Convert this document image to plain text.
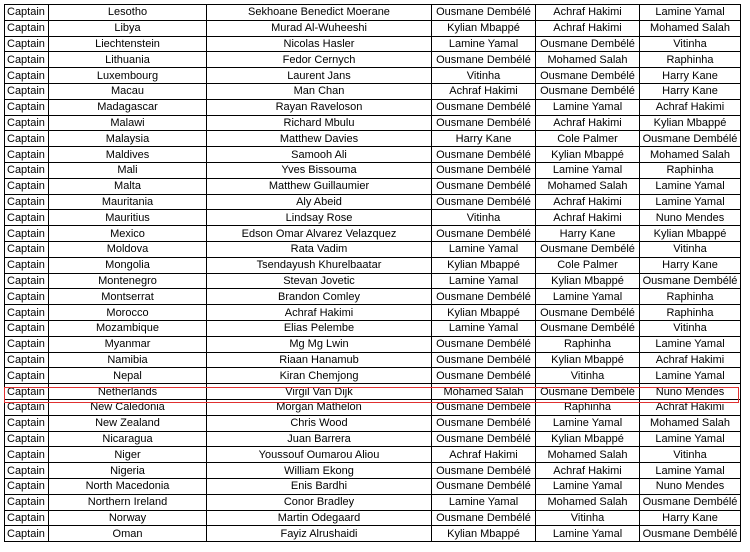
Captain	Lesotho	Sekhoane Benedict Moerane	Ousmane Dembélé	Achraf Hakimi	Lamine Yamal
Captain	Libya	Murad Al-Wuheeshi	Kylian Mbappé	Achraf Hakimi	Mohamed Salah
Captain	Liechtenstein	Nicolas Hasler	Lamine Yamal	Ousmane Dembélé	Vitinha
Captain	Lithuania	Fedor Cernych	Ousmane Dembélé	Mohamed Salah	Raphinha
Captain	Luxembourg	Laurent Jans	Vitinha	Ousmane Dembélé	Harry Kane
Captain	Macau	Man Chan	Achraf Hakimi	Ousmane Dembélé	Harry Kane
Captain	Madagascar	Rayan Raveloson	Ousmane Dembélé	Lamine Yamal	Achraf Hakimi
Captain	Malawi	Richard Mbulu	Ousmane Dembélé	Achraf Hakimi	Kylian Mbappé
Captain	Malaysia	Matthew Davies	Harry Kane	Cole Palmer	Ousmane Dembélé
Captain	Maldives	Samooh Ali	Ousmane Dembélé	Kylian Mbappé	Mohamed Salah
Captain	Mali	Yves Bissouma	Ousmane Dembélé	Lamine Yamal	Raphinha
Captain	Malta	Matthew Guillaumier	Ousmane Dembélé	Mohamed Salah	Lamine Yamal
Captain	Mauritania	Aly Abeid	Ousmane Dembélé	Achraf Hakimi	Lamine Yamal
Captain	Mauritius	Lindsay Rose	Vitinha	Achraf Hakimi	Nuno Mendes
Captain	Mexico	Edson Omar Alvarez Velazquez	Ousmane Dembélé	Harry Kane	Kylian Mbappé
Captain	Moldova	Rata Vadim	Lamine Yamal	Ousmane Dembélé	Vitinha
Captain	Mongolia	Tsendayush Khurelbaatar	Kylian Mbappé	Cole Palmer	Harry Kane
Captain	Montenegro	Stevan Jovetic	Lamine Yamal	Kylian Mbappé	Ousmane Dembélé
Captain	Montserrat	Brandon Comley	Ousmane Dembélé	Lamine Yamal	Raphinha
Captain	Morocco	Achraf Hakimi	Kylian Mbappé	Ousmane Dembélé	Raphinha
Captain	Mozambique	Elias Pelembe	Lamine Yamal	Ousmane Dembélé	Vitinha
Captain	Myanmar	Mg Mg Lwin	Ousmane Dembélé	Raphinha	Lamine Yamal
Captain	Namibia	Riaan Hanamub	Ousmane Dembélé	Kylian Mbappé	Achraf Hakimi
Captain	Nepal	Kiran Chemjong	Ousmane Dembélé	Vitinha	Lamine Yamal
Captain	Netherlands	Virgil Van Dijk	Mohamed Salah	Ousmane Dembélé	Nuno Mendes
Captain	New Caledonia	Morgan Mathelon	Ousmane Dembélé	Raphinha	Achraf Hakimi
Captain	New Zealand	Chris Wood	Ousmane Dembélé	Lamine Yamal	Mohamed Salah
Captain	Nicaragua	Juan Barrera	Ousmane Dembélé	Kylian Mbappé	Lamine Yamal
Captain	Niger	Youssouf Oumarou Aliou	Achraf Hakimi	Mohamed Salah	Vitinha
Captain	Nigeria	William Ekong	Ousmane Dembélé	Achraf Hakimi	Lamine Yamal
Captain	North Macedonia	Enis Bardhi	Ousmane Dembélé	Lamine Yamal	Nuno Mendes
Captain	Northern Ireland	Conor Bradley	Lamine Yamal	Mohamed Salah	Ousmane Dembélé
Captain	Norway	Martin Odegaard	Ousmane Dembélé	Vitinha	Harry Kane
Captain	Oman	Fayiz Alrushaidi	Kylian Mbappé	Lamine Yamal	Ousmane Dembélé
